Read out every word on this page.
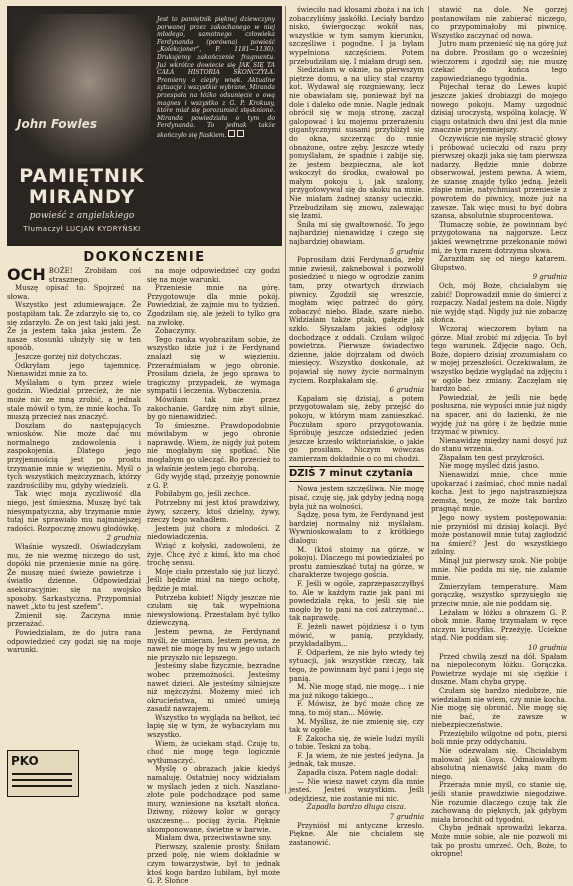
John Fowles
PAMIĘTNIK MIRANDY
powieść z angielskiego
Tłumaczył LUCJAN KYDRYŃSKI
Jest to pamiętnik pięknej dziewczyny porwanej przez zakochanego w niej młodego, samotnego człowieka Ferdynanda (porówna) powieść „Kolekcjoner”, P. 1181—1130). Drukujemy zakończenie fragmentu. Już wkrótce dowiecie się JAK SIĘ TA CAŁA HISTORIA SKOŃCZYŁA. Promieny o ciepły wnęk. Aktualne sytuacje i wszystkie wybrane, Miranda przespała na łóżko odsunięcie o ową magnes i wszystko z G. P. Krokusy, które miał się porozumieć stęsknione. Miranda powiedziała o tym do Ferdynanda. To jednak także skończyło się fiaskiem.
DOKOŃCZENIE

OCH BOŻE! Zrobiłam coś strasznego.

Muszę opisać to. Spojrzeć na słowa.

Wszystko jest zdumiewające. Że postąpiłam tak. Że zdarzyło się to, co się zdarzyło. Że on jest taki jaki jest. Że ja jestem taka jaka jestem. Że nasze stosunki ułożyły się w ten sposób.

Jeszcze gorzej niż dotychczas.

Odkryłam jego tajemnicę. Nienawidzi mnie za to.

Myślałam o tym przez wiele godzin. Wiedział przecież, że nie może nic ze mną zrobić, a jednak stale mówił o tym, że mnie kocha. To muszą przecież nas znaczyć.

Doszłam do następujących wniosków. Nie może dać mu normalnego zadowolenia i zaspokojenia. Dlatego jego przyjemnością jest po prostu trzymanie mnie w więzieniu. Myśl o tych wszystkich mężczyznach, którzy zazdrościliby mu, gdyby wiedzieli.

Tak więc moja zyczliwość dla niego, jest śmieszna. Muszę być tak niesympatyczna, aby trzymanie mnie tutaj nie sprawiało mu najmniejszej radości. Rozpocznę znowu głodówkę.

2 grudnia

Właśnie wyszedł. Oświadczyłam mu, że nie wezmę niczego do ust, dopóki nie przeniesie mnie na górę. Że muszę mieć świeże powietrze i światło dzienne. Odpowiedział asekuracyjnie: się na swojsko sposoby. Sarkastyczna. Przypomniał nawet „kto tu jest szefem”.

Zmienił się. Zaczyna mnie przerażać.

Powiedziałam, że do jutra rana odpowiedzieć czy godzi się na moje warunki.

PKO

na moje odpowiedzieć czy godzi się na moje warunki.

Przeniesie mnie na górę. Przygotowuje dla mnie pokój. Powiedział, że zajmie mu to tydzień. Zgodziłam się, ale jeżeli to tylko gra na zwłokę.

Zobaczymy.

Tego ranka wyobraziłam sobie, że wszystko idzie już i że Ferdynand znalazł się w więzieniu. Przeraźmiałam w jego obronie. Prosiłam dzieła, że jego sprawa to tragiczny przypadek, że wymaga sympatii i leczenia. Wybaczenia.

Mówiłam tak nie przez zakochanie. Gardzę nim zbyt silnie, by go nienawidzieć.

To śmieszne. Prawdopodobnie mówiłabym w jego obronie naprawdę. Wiem, że nigdy już potem nie mogłabym się spotkać. Nie mogłabym go ulecząć. Bo przecież to ja właśnie jestem jego chorobą.

Gdy wyjdę stąd, przeżyję ponownie z G. P.

Pobiłabym go, jeśli zechce.

Potrzebny mi jest ktoś prawdziwy, żywy, szczery, ktoś dzielny, żywy, rzeczy tego wahadłem.

Jestem już chora z młodości. Z niedowiadczenia.

Wziąć z kołyski, zadowoleni, że żyje. Chcę żyć z kimś, kto ma choć trochę sensu.

Moje ciało przestało się już liczyć. Jeśli będzie miał na niego ochotę, będzie je miał.

Potrzeba kobiet! Nigdy jeszcze nie czułam się tak wypełniona niewysłowioną. Przestałam być tylko dziewczyną.

Jestem pewna, że Ferdynand myśli, że umieram. Jestem pewna, że nawet nie mogę by mu w jego ustach nie przyszło nic lepszego.

Jesteśmy słabe fizycznie, bezradne wobec przemożności. Jesteśmy nawet dzieci. Ale jesteśmy silniejsze niż mężczyźni. Możemy mieć ich okrucieństwa, ni umieć umieją zasadź nawzajem.

Wszystko to wygląda na bełkot, ieć łapię się w tym, że wybaczyłam mu wszystko.

Wiem, że uciekam stąd. Czuję to, choć nie mogę tego logicznie wytłumaczyć.

Myślę o obrazach jakie kiedyś namaluję. Ostatniej nocy widziałam w myślach jeden z nich. Naszlano-złote pole podchodzące pod same mury, wzniesione na kształt słońca. Dziwny, różowy kolor w gorący uszczesnę... pociąg życia. Pięknie skomponowane, świetne w barwie.

Miałam dwa, przeciwstawne sny.

Pierwszy, szalenie prosty. Śniłam przed polę, nie wiem dokładnie w czym towarzystwie, był to jednak ktoś kogo bardzo lubiłam, był może G. P. Słońce

świeciło nad kłosami zboża i na ich zobaczyliśmy jaskółki. Leciały bardzo nisko, świergocząc wokół nas, wszystkie w tym samym kierunku, szczęśliwe i pogodne. I ja byłam wypełniona szczęściem. Potem przebudziłam się. I miałam drugi sen.

Siedziałam w oknie, na pierwszym piętrze domu, a na ulicy stał czarny kot. Wydawał się rozgniewany, lecz nie obawiałam się, ponieważ był na dole i daleko ode mnie. Nagle jednak obrócił się w moją stronę, zaczął galopować i ku mojemu przerażeniu gigantycznymi susami przybliżył się do okna, szczerząc do mnie obnażone, ostre zęby. Jeszcze wtedy pomyślałam, że spadnie i zabije się, że jestem bezpieczna, ale kot wskoczył do środka, cwałował po małym pokoju i, jak szalony, przygotowywał się do skoku na mnie. Nie miałam żadnej szansy ucieczki. Przebudziłam się znowu, zalewając się łzami.

Śniła mi się gwałtowność. To jego najbardziej nienawidzę i czego się najbardziej obawiam.

5 grudnia

Poprosiłam dziś Ferdynanda, żeby mnie zwiesił, zaknebował i pozwolił posiedzieć u niego w ogrodzie zanim tam, przy otwartych drzwiach piwnicy. Zgodził się wreszcie, mogłam więc patrzeć do góry, zobaczyć niebo. Blade, szare niebo. Widziałam także ptaki, gałęzie jak szkło. Słyszałam jakieś odgłosy dochodzące z oddali. Czułam wilgoć powietrza. Pierwsze świadectwo dzienne, jakie dojrzałam od dwóch miesięcy. Wszystko doskonale, aż pojawiał się nowy życie normalnym życiem. Rozpłakałam się.

6 grudnia

Kąpałam się dzisiaj, a potem przygotowałam się, żeby przejść do pokoju, w którym mam zamieszkać. Poczułam sporo przygotowania. Spróbuję jeszcze odsiedzieć jeden jeszcze krzesło wiktoriańskie, o jakie go prosiłam. Niczym wówczas zamierzam dokładnie o co mi chodzi.

DZIŚ 7 minut czytania

Nowa jestem szczęśliwa. Nie mogę pisać, czuję się, jak gdyby jedną nogą była już na wolności.

Sądzę, posa tym, że Ferdynand jest bardziej normalny niż myślałam. Wywnioskowałam to z krótkiego dialogu:

M. (ktoś stoimy na górze, w pokoju). Dlaczego mi powiedziałeś po prostu zamieszkać tutaj na górze, w charakterze twojego gościa.

F. Jeśli w ogóle, zaprzepaszczyłbyś to. Ale w każdym razie jak pani mi powiedziała ręka, to jeśli się nie mogło by to pani na coś zatrzymać... tak naprawdę.

F. Jeżeli nawet pójdziesz i o tym mówić, w panią, przykłady, przykładałbym...

F. Odparłem, że nie było wtedy tej sytuacji, jak wszystkie rzeczy, tak tego, że powinnam być pani i jego się panią.

M. Nie mogę stąd, nie mogę... i nie ma już nikogo takiego...

F. Mówisz, że być może chcę ze mną, to mój stan... Mówię.

M. Myślisz, że nie zmienię się, czy tak w ogóle.

F. Zakocha się, że wiele ludzi myśli o tobie. Teskni za tobą.

F. Ja wiem, że nie jesteś jedyna. Ja jednak, tak musze.

Zapadła cisza. Potem nagle dodał:

— Nie wiesz nawet czym dla mnie jesteś. Jesteś wszystkim. Jeśli odejdziesz, nie zostanie mi nic.

Zapadła bardzo długa cisza.

7 grudnia

Przyniósł mi antyczne krzesło. Piękne. Ale nie chciałem się zastanowić.

stawić na dole. Ne gorzej postanowiłam nie zabierać niczego, co przypominałoby mi piwnicę. Wszystko zaczynać od nowa.

Jutro mam przenieść się na górę już na dobre. Prosiłam go o wcześniej wieczorem i zgodził się; nie muszę czekać do końca tego zapowiedzianego tygodnia.

Pojechał teraz do Lewes kupić jeszcze jakieś drobiazgi do mojego nowego pokoju. Mamy uzgodnić dzisiaj uroczystą, wspólną kolację. W ciągu ostatnich dwu dni jest dla mnie znacznie przyjemniejszy.

Oczywiście nie myślę stracić głowy i próbować ucieczki od razu przy pierwszej okazji jaka się tam pierwsza nadarzy. Będzie mnie dobrze obserwował, jestem pewna. A wiem, że szansę znajdę tylko jedną. Jeżeli złapie mnie, natychmiast przeniesie z powrotem do piwnicy, może już na zawsze. Tak więc musi to być dobra szansa, absolutnie stuprocentowa.

Tłumaczę sobie, że powinnam być przygotowana na najgorsze. Lecz jakieś wewnętrzne przekonanie mówi mi, że tym razem dotrzyma słowa.

Zaraziłam się od niego katarem. Głupstwo.

9 grudnia

Och, mój Boże, chciałabym się zabić! Doprowadził mnie do śmierci z rozpaczy. Nadal jestem na dole. Nigdy nie wyjdę stąd. Nigdy już nie zobaczę słońca.

Wczoraj wieczorem byłam na górze. Miał zrobić mi zdjęcia. To był tego warunek. Zdjęcie nago. Och, Boże, dopiero dzisiaj zrozumiałam co w mojej przeszłości. Oczekiwałam, że wszystko będzie wyglądać na zdjęciu i w ogóle bez zmiany. Zaczęłam się bardzo bać.

Powiedział, że jeśli nie będę posłuszna, nie wypuści mnie już nigdy na spacer, ani do łazienki, że nie wyjdę już na górę i że będzie mnie trzymać w piwnicy.

Nienawidzę między nami dosyć już do stanu wrzenia.

Złapałam ten gest przykrości.

Nie mogę myśleć dziś jasno.

Nienawidzi mnie, chce mnie upokarzać i zaśmiać, choć mnie nadal kocha. Jest to jego najstraszniejsza zemsta, tego, że może tak bardzo pragnąć mnie.

Jego nowy system postępowania: nie przyniósł mi dzisiaj kolacji. Być może postanowił mnie tutaj zagłodzić na śmierć? Jest do wszystkiego zdolny.

Minął już pierwszy szok. Nie pobije mnie. Nie podda mi się, nie zalamie mnie.

Zmierzyłam temperaturę. Mam gorączkę, wszystko sprzysięgło się przeciw mnie, ale nie poddam się.

Leżałam w łóżku a obrazem G. P. obok mnie. Ramę trzymałam w ręce niczym krucyfiks. Przeżyję. Uciekne stąd. Nie poddam się.

10 grudnia

Przed chwilą zeszł na dół. Spałam na niepoleconym łóżku. Gorączka. Powietrze wydaje mi się ciężkie i duszne. Mam chyba grypę.

Czułam się bardzo niedobrze, nie wiedziałam nie wiem, czy mnie kocha. Nie mogę się obronić. Nie mogę się nie bać, że zawsze w niebezpieczeństwie.

Przeziębiło wilgotne od potu, piersi boli mnie przy oddychaniu.

Nie odezwałam się. Chciałabym malować jak Goya. Odmalowałbym absolutną nienawiść jaką mam do niego.

Przeraża mnie myśl, co stanie się, jeśli stanie prawdziwie niegodziwe. Nie rozumie dlaczego czuję tak źle zachowaną do pięknych, jak gdybym miała bronchit od tygodni.

Chyba jednak sprowadzi lekarza. Może mnie sobie, ale nie pozwoli mi tak po prostu umrzeć. Och, Boże, to okropne!
